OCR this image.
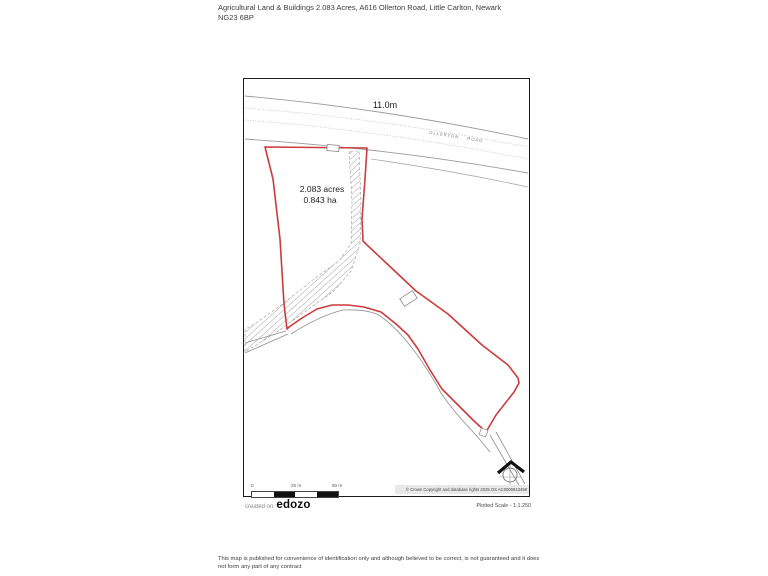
Agricultural Land & Buildings 2.083 Acres, A616 Ollerton Road, Little Carlton, Newark
NG23 6BP
11.0m
OLLERTON ROAD
2.083 acres
0.843 ha
0	25 m	50 m
© Crown Copyright and database rights 2025 OS AC0000813458
created on edozo	Plotted Scale - 1:1,250
This map is published for convenience of identification only and although believed to be correct, is not guaranteed and it does
not form any part of any contract
